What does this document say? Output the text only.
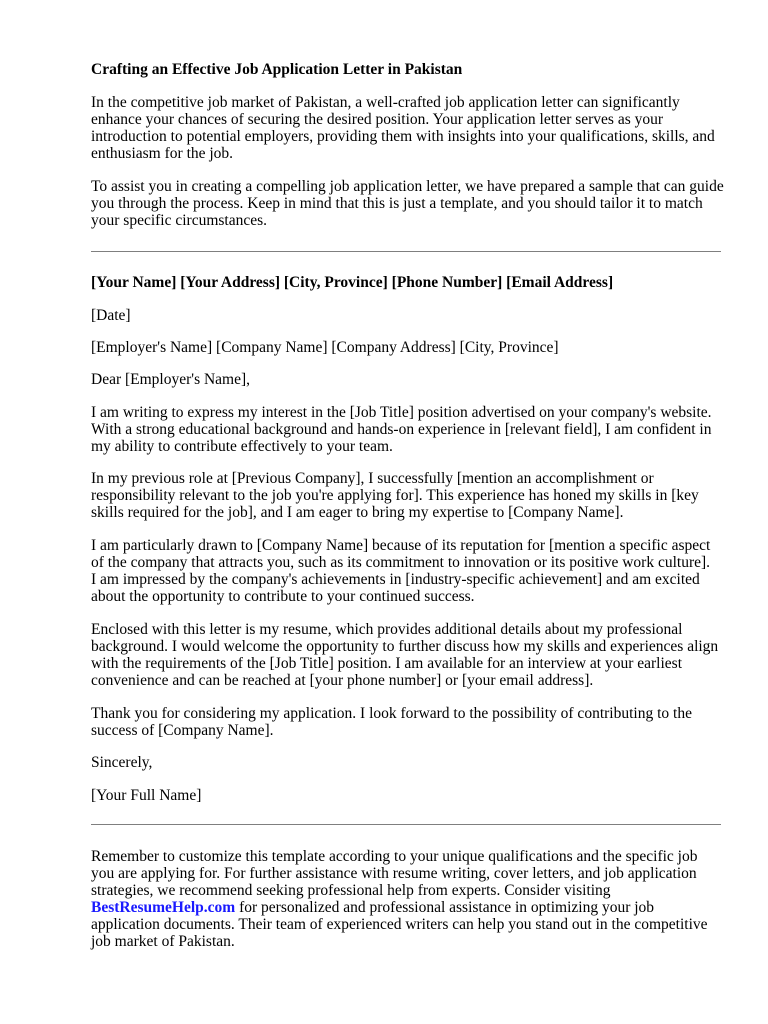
Crafting an Effective Job Application Letter in Pakistan

In the competitive job market of Pakistan, a well-crafted job application letter can significantly
enhance your chances of securing the desired position. Your application letter serves as your
introduction to potential employers, providing them with insights into your qualifications, skills, and
enthusiasm for the job.

To assist you in creating a compelling job application letter, we have prepared a sample that can guide
you through the process. Keep in mind that this is just a template, and you should tailor it to match
your specific circumstances.

[Your Name] [Your Address] [City, Province] [Phone Number] [Email Address]
[Date]
[Employer's Name] [Company Name] [Company Address] [City, Province]
Dear [Employer's Name],

I am writing to express my interest in the [Job Title] position advertised on your company's website.
With a strong educational background and hands-on experience in [relevant field], I am confident in
my ability to contribute effectively to your team.

In my previous role at [Previous Company], I successfully [mention an accomplishment or
responsibility relevant to the job you're applying for]. This experience has honed my skills in [key
skills required for the job], and I am eager to bring my expertise to [Company Name].

I am particularly drawn to [Company Name] because of its reputation for [mention a specific aspect
of the company that attracts you, such as its commitment to innovation or its positive work culture].
I am impressed by the company's achievements in [industry-specific achievement] and am excited
about the opportunity to contribute to your continued success.

Enclosed with this letter is my resume, which provides additional details about my professional
background. I would welcome the opportunity to further discuss how my skills and experiences align
with the requirements of the [Job Title] position. I am available for an interview at your earliest
convenience and can be reached at [your phone number] or [your email address].

Thank you for considering my application. I look forward to the possibility of contributing to the
success of [Company Name].

Sincerely,
[Your Full Name]

Remember to customize this template according to your unique qualifications and the specific job
you are applying for. For further assistance with resume writing, cover letters, and job application
strategies, we recommend seeking professional help from experts. Consider visiting
BestResumeHelp.com for personalized and professional assistance in optimizing your job
application documents. Their team of experienced writers can help you stand out in the competitive
job market of Pakistan.
